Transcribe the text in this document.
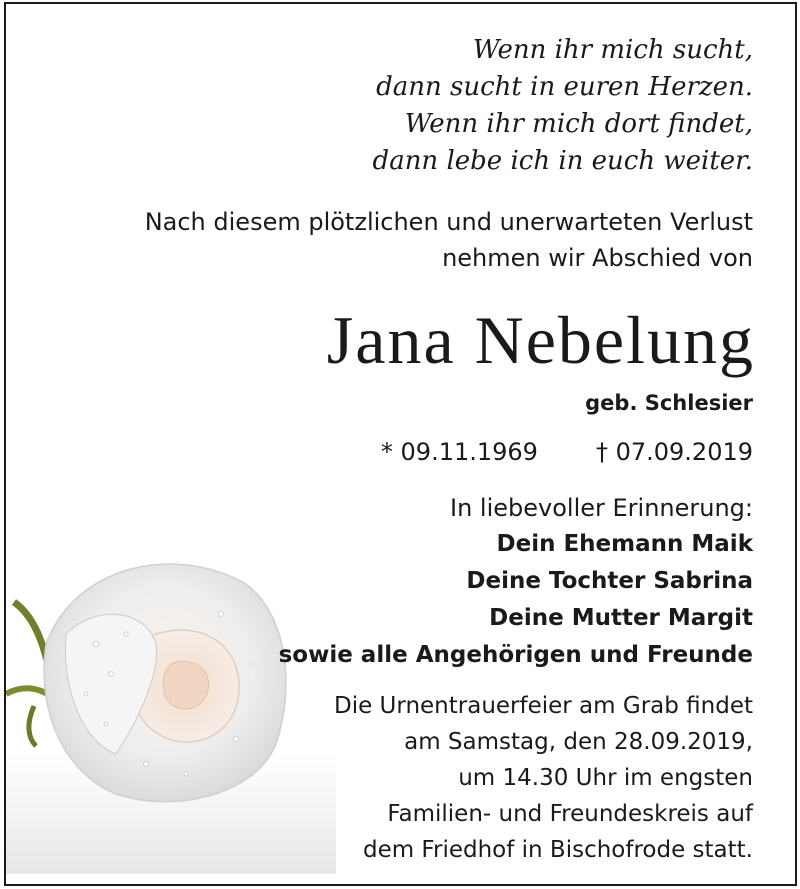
Wenn ihr mich sucht,
dann sucht in euren Herzen.
Wenn ihr mich dort findet,
dann lebe ich in euch weiter.
Nach diesem plötzlichen und unerwarteten Verlust
nehmen wir Abschied von
Jana Nebelung
geb. Schlesier
* 09.11.1969 † 07.09.2019
In liebevoller Erinnerung:
Dein Ehemann Maik
Deine Tochter Sabrina
Deine Mutter Margit
sowie alle Angehörigen und Freunde
Die Urnentrauerfeier am Grab findet
am Samstag, den 28.09.2019,
um 14.30 Uhr im engsten
Familien- und Freundeskreis auf
dem Friedhof in Bischofrode statt.
